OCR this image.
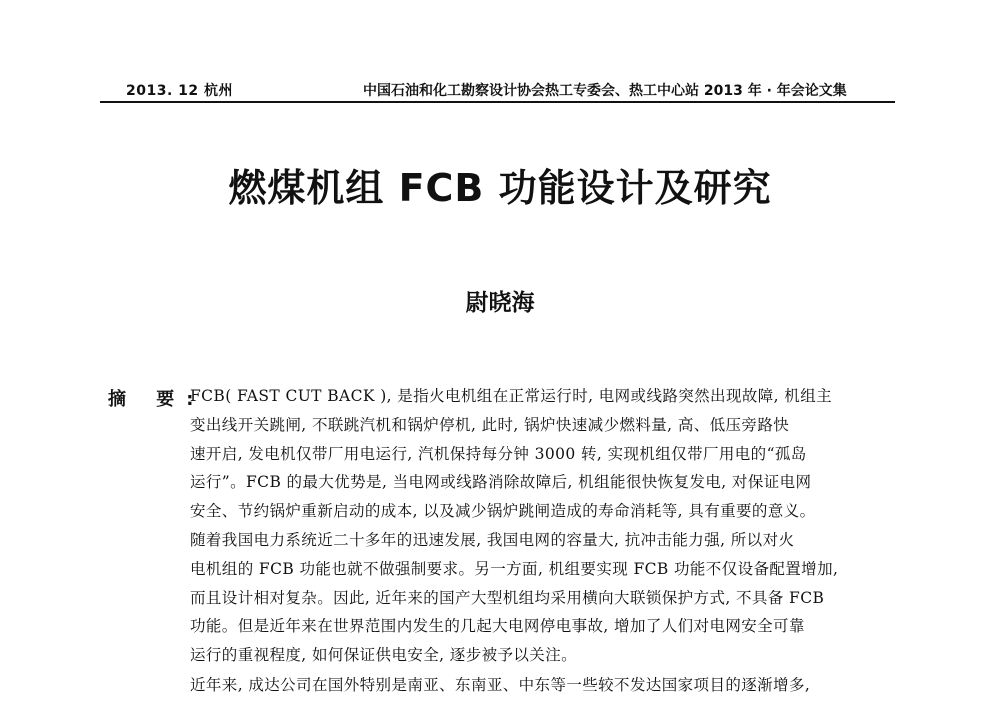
2013. 12 杭州	中国石油和化工勘察设计协会热工专委会、热工中心站 2013 年 · 年会论文集
燃煤机组 FCB 功能设计及研究
尉晓海
摘 要:
FCB( FAST CUT BACK ), 是指火电机组在正常运行时, 电网或线路突然出现故障, 机组主
变出线开关跳闸, 不联跳汽机和锅炉停机, 此时, 锅炉快速减少燃料量, 高、低压旁路快
速开启, 发电机仅带厂用电运行, 汽机保持每分钟 3000 转, 实现机组仅带厂用电的“孤岛
运行”。FCB 的最大优势是, 当电网或线路消除故障后, 机组能很快恢复发电, 对保证电网
安全、节约锅炉重新启动的成本, 以及减少锅炉跳闸造成的寿命消耗等, 具有重要的意义。
随着我国电力系统近二十多年的迅速发展, 我国电网的容量大, 抗冲击能力强, 所以对火
电机组的 FCB 功能也就不做强制要求。另一方面, 机组要实现 FCB 功能不仅设备配置增加,
而且设计相对复杂。因此, 近年来的国产大型机组均采用横向大联锁保护方式, 不具备 FCB
功能。但是近年来在世界范围内发生的几起大电网停电事故, 增加了人们对电网安全可靠
运行的重视程度, 如何保证供电安全, 逐步被予以关注。
近年来, 成达公司在国外特别是南亚、东南亚、中东等一些较不发达国家项目的逐渐增多,
